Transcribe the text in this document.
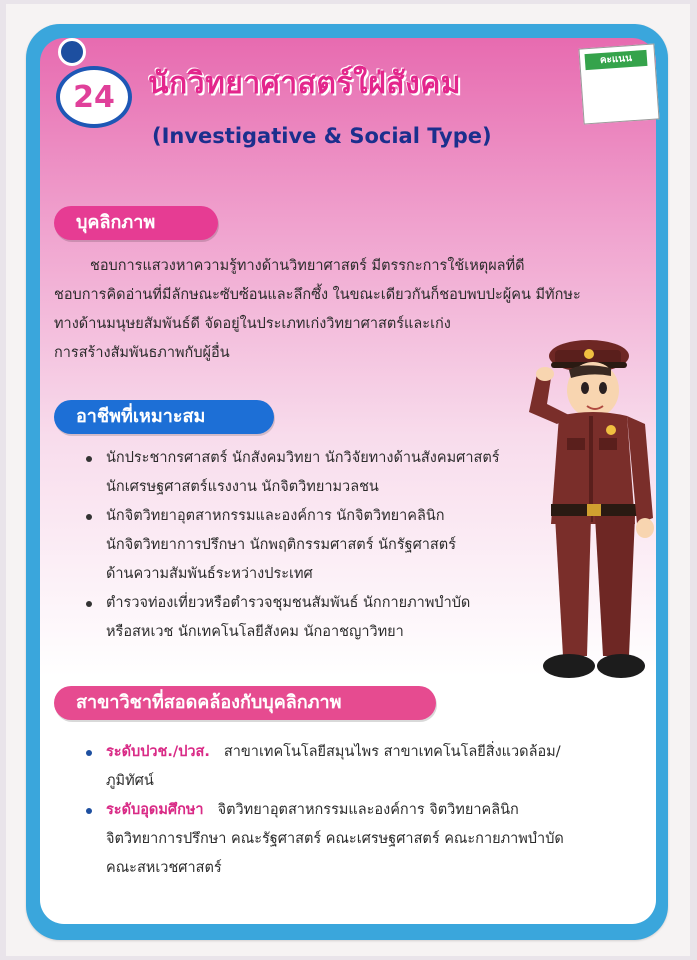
24	นักวิทยาศาสตร์ใฝ่สังคม
(Investigative & Social Type)
คะแนน
บุคลิกภาพ
ชอบการแสวงหาความรู้ทางด้านวิทยาศาสตร์ มีตรรกะการใช้เหตุผลที่ดี
ชอบการคิดอ่านที่มีลักษณะซับซ้อนและลึกซึ้ง ในขณะเดียวกันก็ชอบพบปะผู้คน มีทักษะ
ทางด้านมนุษยสัมพันธ์ดี จัดอยู่ในประเภทเก่งวิทยาศาสตร์และเก่ง
การสร้างสัมพันธภาพกับผู้อื่น
อาชีพที่เหมาะสม
นักประชากรศาสตร์ นักสังคมวิทยา นักวิจัยทางด้านสังคมศาสตร์
นักเศรษฐศาสตร์แรงงาน นักจิตวิทยามวลชน
นักจิตวิทยาอุตสาหกรรมและองค์การ นักจิตวิทยาคลินิก
นักจิตวิทยาการปรึกษา นักพฤติกรรมศาสตร์ นักรัฐศาสตร์
ด้านความสัมพันธ์ระหว่างประเทศ
ตำรวจท่องเที่ยวหรือตำรวจชุมชนสัมพันธ์ นักกายภาพบำบัด
หรือสหเวช นักเทคโนโลยีสังคม นักอาชญาวิทยา
สาขาวิชาที่สอดคล้องกับบุคลิกภาพ
ระดับปวช./ปวส. สาขาเทคโนโลยีสมุนไพร สาขาเทคโนโลยีสิ่งแวดล้อม/
ภูมิทัศน์
ระดับอุดมศึกษา จิตวิทยาอุตสาหกรรมและองค์การ จิตวิทยาคลินิก
จิตวิทยาการปรึกษา คณะรัฐศาสตร์ คณะเศรษฐศาสตร์ คณะกายภาพบำบัด
คณะสหเวชศาสตร์
